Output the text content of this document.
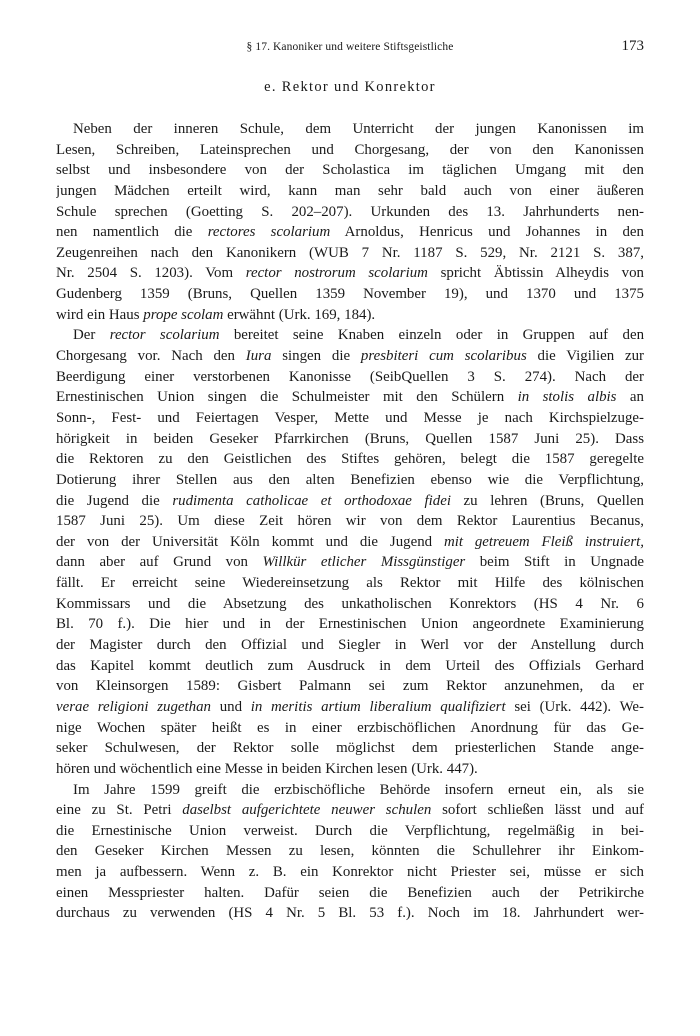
§ 17. Kanoniker und weitere Stiftsgeistliche	173
e. Rektor und Konrektor
Neben der inneren Schule, dem Unterricht der jungen Kanonissen im
Lesen, Schreiben, Lateinsprechen und Chorgesang, der von den Kanonissen
selbst und insbesondere von der Scholastica im täglichen Umgang mit den
jungen Mädchen erteilt wird, kann man sehr bald auch von einer äußeren
Schule sprechen (Goetting S. 202–207). Urkunden des 13. Jahrhunderts nen-
nen namentlich die rectores scolarium Arnoldus, Henricus und Johannes in den
Zeugenreihen nach den Kanonikern (WUB 7 Nr. 1187 S. 529, Nr. 2121 S. 387,
Nr. 2504 S. 1203). Vom rector nostrorum scolarium spricht Äbtissin Alheydis von
Gudenberg 1359 (Bruns, Quellen 1359 November 19), und 1370 und 1375
wird ein Haus prope scolam erwähnt (Urk. 169, 184).
Der rector scolarium bereitet seine Knaben einzeln oder in Gruppen auf den
Chorgesang vor. Nach den Iura singen die presbiteri cum scolaribus die Vigilien zur
Beerdigung einer verstorbenen Kanonisse (SeibQuellen 3 S. 274). Nach der
Ernestinischen Union singen die Schulmeister mit den Schülern in stolis albis an
Sonn-, Fest- und Feiertagen Vesper, Mette und Messe je nach Kirchspielzuge-
hörigkeit in beiden Geseker Pfarrkirchen (Bruns, Quellen 1587 Juni 25). Dass
die Rektoren zu den Geistlichen des Stiftes gehören, belegt die 1587 geregelte
Dotierung ihrer Stellen aus den alten Benefizien ebenso wie die Verpflichtung,
die Jugend die rudimenta catholicae et orthodoxae fidei zu lehren (Bruns, Quellen
1587 Juni 25). Um diese Zeit hören wir von dem Rektor Laurentius Becanus,
der von der Universität Köln kommt und die Jugend mit getreuem Fleiß instruiert,
dann aber auf Grund von Willkür etlicher Missgünstiger beim Stift in Ungnade
fällt. Er erreicht seine Wiedereinsetzung als Rektor mit Hilfe des kölnischen
Kommissars und die Absetzung des unkatholischen Konrektors (HS 4 Nr. 6
Bl. 70 f.). Die hier und in der Ernestinischen Union angeordnete Examinierung
der Magister durch den Offizial und Siegler in Werl vor der Anstellung durch
das Kapitel kommt deutlich zum Ausdruck in dem Urteil des Offizials Gerhard
von Kleinsorgen 1589: Gisbert Palmann sei zum Rektor anzunehmen, da er
verae religioni zugethan und in meritis artium liberalium qualifiziert sei (Urk. 442). We-
nige Wochen später heißt es in einer erzbischöflichen Anordnung für das Ge-
seker Schulwesen, der Rektor solle möglichst dem priesterlichen Stande ange-
hören und wöchentlich eine Messe in beiden Kirchen lesen (Urk. 447).
Im Jahre 1599 greift die erzbischöfliche Behörde insofern erneut ein, als sie
eine zu St. Petri daselbst aufgerichtete neuwer schulen sofort schließen lässt und auf
die Ernestinische Union verweist. Durch die Verpflichtung, regelmäßig in bei-
den Geseker Kirchen Messen zu lesen, könnten die Schullehrer ihr Einkom-
men ja aufbessern. Wenn z. B. ein Konrektor nicht Priester sei, müsse er sich
einen Messpriester halten. Dafür seien die Benefizien auch der Petrikirche
durchaus zu verwenden (HS 4 Nr. 5 Bl. 53 f.). Noch im 18. Jahrhundert wer-
